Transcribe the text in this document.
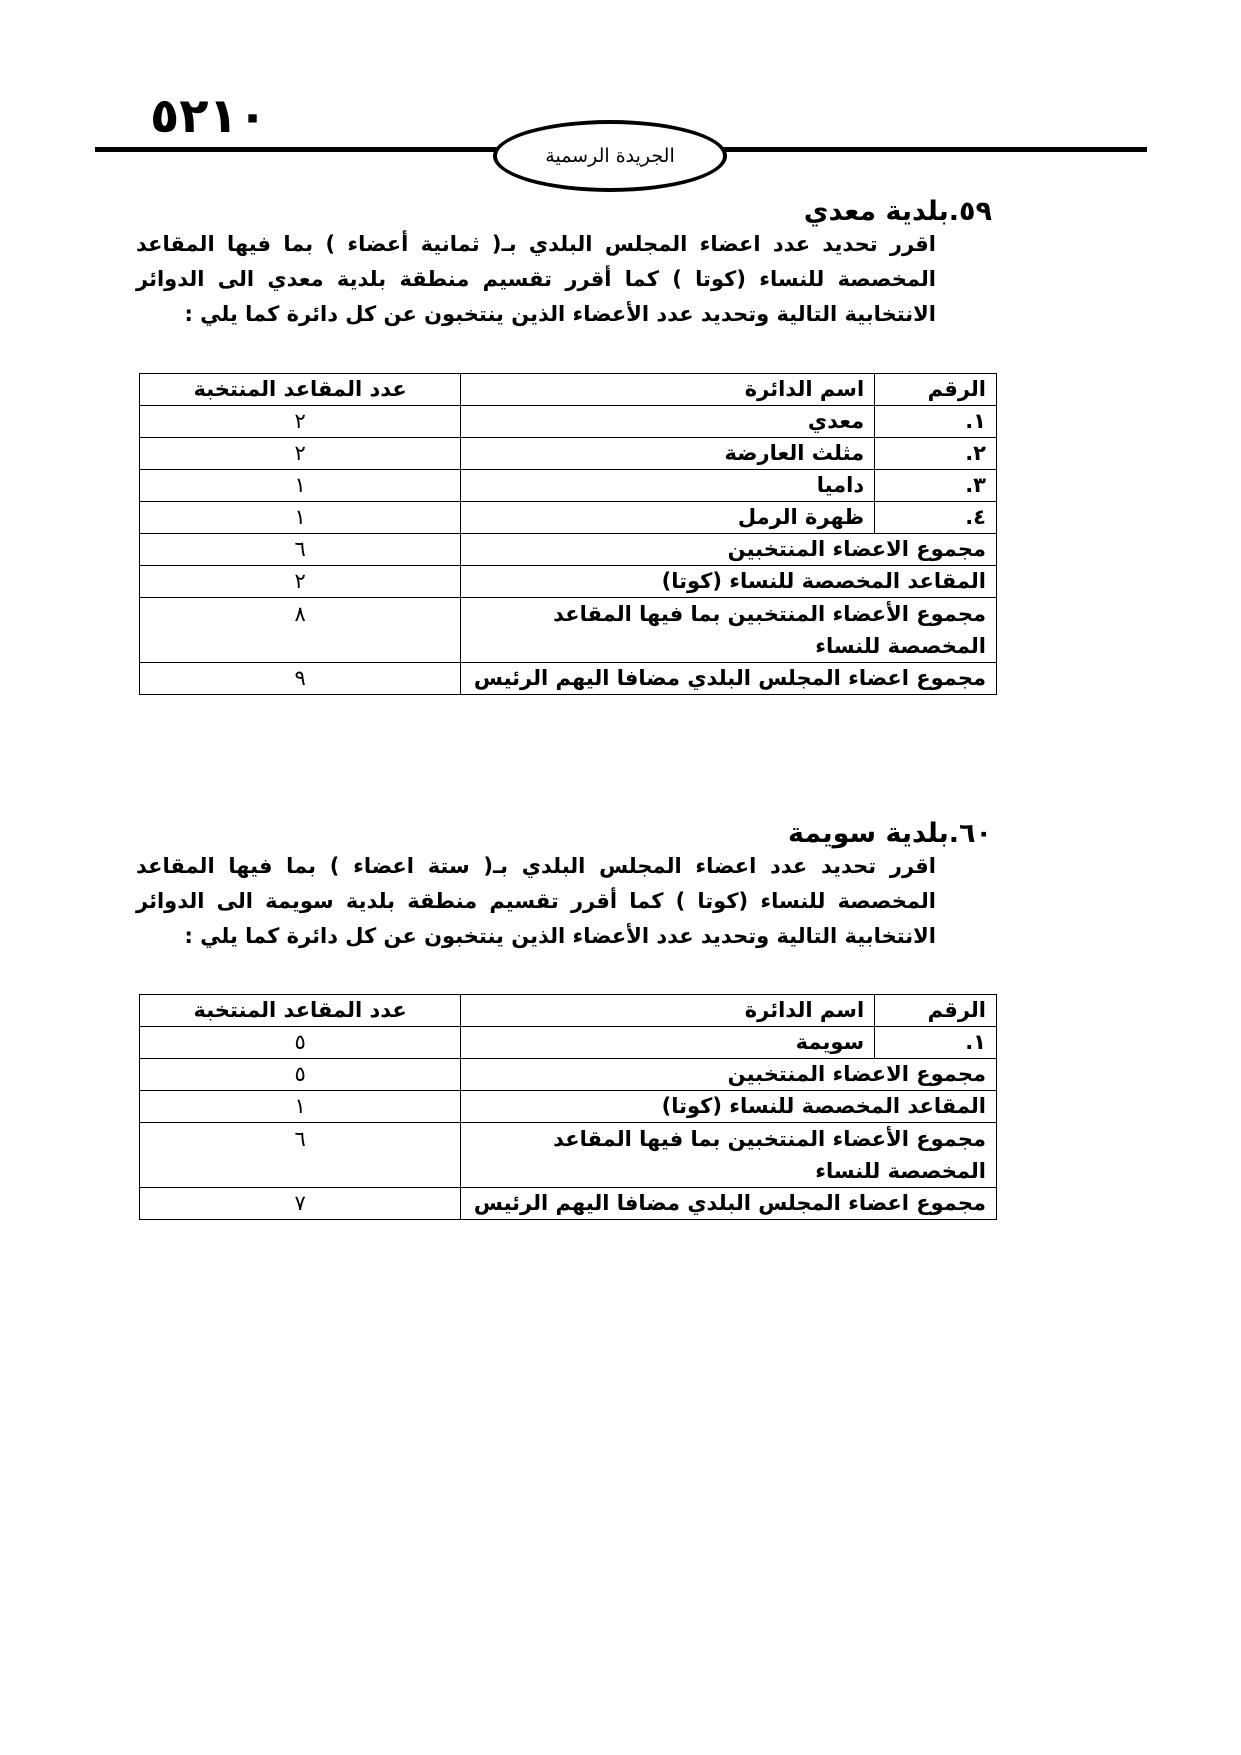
٥٢١٠
الجريدة الرسمية
٥٩.بلدية معدي
اقرر تحديد عدد اعضاء المجلس البلدي بـ( ثمانية أعضاء ) بما فيها المقاعد المخصصة للنساء (كوتا ) كما أقرر تقسيم منطقة بلدية معدي الى الدوائر الانتخابية التالية وتحديد عدد الأعضاء الذين ينتخبون عن كل دائرة كما يلي :
الرقم	اسم الدائرة	عدد المقاعد المنتخبة
١.	معدي	٢
٢.	مثلث العارضة	٢
٣.	داميا	١
٤.	ظهرة الرمل	١
مجموع الاعضاء المنتخبين		٦
المقاعد المخصصة للنساء (كوتا)		٢
مجموع الأعضاء المنتخبين بما فيها المقاعد المخصصة للنساء		٨
مجموع اعضاء المجلس البلدي مضافا اليهم الرئيس		٩
٦٠.بلدية سويمة
اقرر تحديد عدد اعضاء المجلس البلدي بـ( ستة اعضاء ) بما فيها المقاعد المخصصة للنساء (كوتا ) كما أقرر تقسيم منطقة بلدية سويمة الى الدوائر الانتخابية التالية وتحديد عدد الأعضاء الذين ينتخبون عن كل دائرة كما يلي :
الرقم	اسم الدائرة	عدد المقاعد المنتخبة
١.	سويمة	٥
مجموع الاعضاء المنتخبين		٥
المقاعد المخصصة للنساء (كوتا)		١
مجموع الأعضاء المنتخبين بما فيها المقاعد المخصصة للنساء		٦
مجموع اعضاء المجلس البلدي مضافا اليهم الرئيس		٧
